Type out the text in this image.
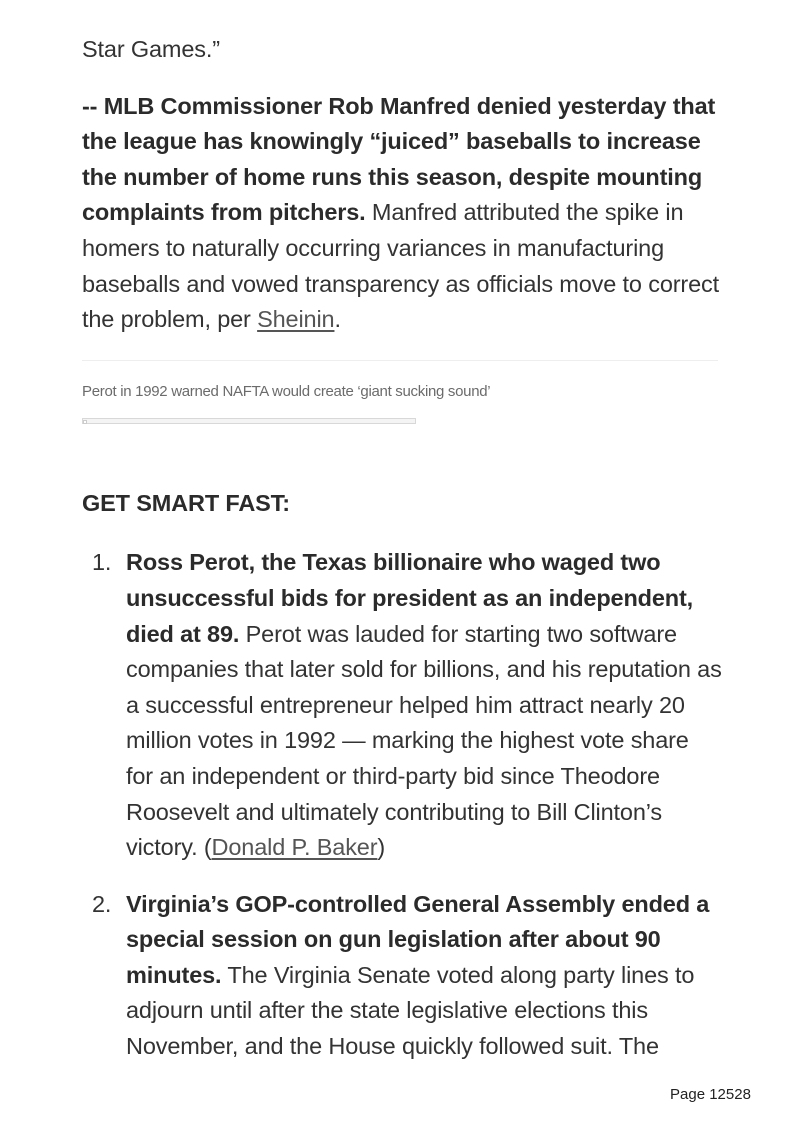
Star Games.”

-- MLB Commissioner Rob Manfred denied yesterday that the league has knowingly “juiced” baseballs to increase the number of home runs this season, despite mounting complaints from pitchers. Manfred attributed the spike in homers to naturally occurring variances in manufacturing baseballs and vowed transparency as officials move to correct the problem, per Sheinin.

Perot in 1992 warned NAFTA would create ‘giant sucking sound’

GET SMART FAST:

1. Ross Perot, the Texas billionaire who waged two unsuccessful bids for president as an independent, died at 89. Perot was lauded for starting two software companies that later sold for billions, and his reputation as a successful entrepreneur helped him attract nearly 20 million votes in 1992 — marking the highest vote share for an independent or third-party bid since Theodore Roosevelt and ultimately contributing to Bill Clinton’s victory. (Donald P. Baker)
2. Virginia’s GOP-controlled General Assembly ended a special session on gun legislation after about 90 minutes. The Virginia Senate voted along party lines to adjourn until after the state legislative elections this November, and the House quickly followed suit. The
Page 12528
